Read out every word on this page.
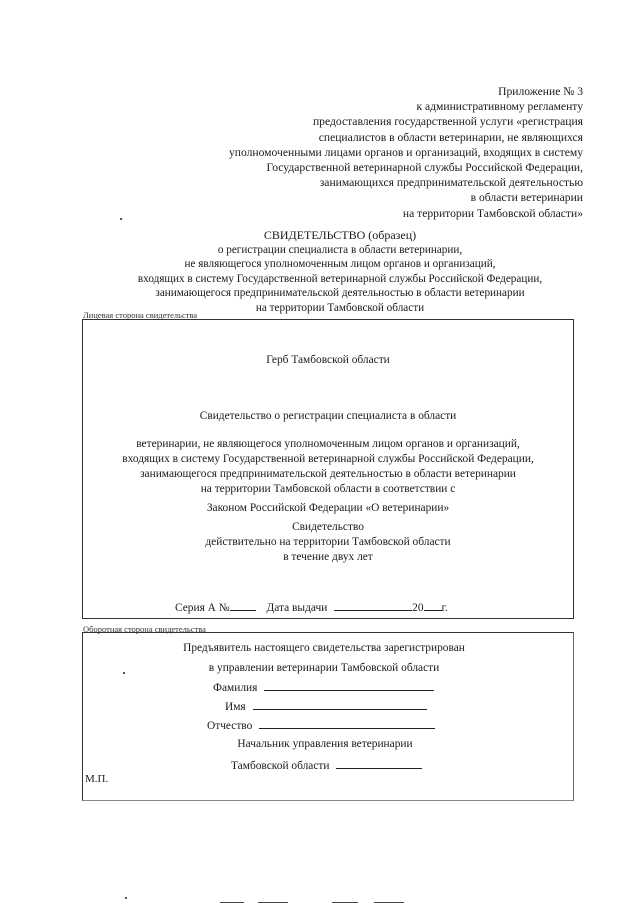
Приложение № 3
к административному регламенту
предоставления государственной услуги «регистрация
специалистов в области ветеринарии, не являющихся
уполномоченными лицами органов и организаций, входящих в систему
Государственной ветеринарной службы Российской Федерации,
занимающихся предпринимательской деятельностью
в области ветеринарии
на территории Тамбовской области»
СВИДЕТЕЛЬСТВО (образец)
о регистрации специалиста в области ветеринарии,
не являющегося уполномоченным лицом органов и организаций,
входящих в систему Государственной ветеринарной службы Российской Федерации,
занимающегося предпринимательской деятельностью в области ветеринарии
на территории Тамбовской области
Лицевая сторона свидетельства
Герб Тамбовской области
Свидетельство о регистрации специалиста в области
ветеринарии, не являющегося уполномоченным лицом органов и организаций,
входящих в систему Государственной ветеринарной службы Российской Федерации,
занимающегося предпринимательской деятельностью в области ветеринарии
на территории Тамбовской области в соответствии с
Законом Российской Федерации «О ветеринарии»
Свидетельство
действительно на территории Тамбовской области
в течение двух лет
Серия А №	Дата выдачи	20 г.
Оборотная сторона свидетельства
Предъявитель настоящего свидетельства зарегистрирован
в управлении ветеринарии Тамбовской области
Фамилия
Имя
Отчество
Начальник управления ветеринарии
Тамбовской области
М.П.
